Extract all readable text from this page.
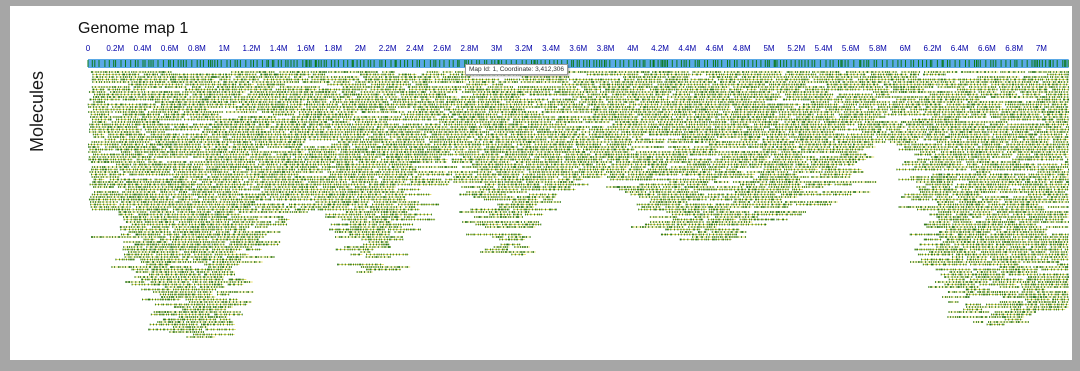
Molecules
Genome map 1
0 0.2M 0.4M 0.6M 0.8M 1M 1.2M 1.4M 1.6M 1.8M 2M 2.2M 2.4M 2.6M 2.8M 3M 3.2M 3.4M 3.6M 3.8M 4M 4.2M 4.4M 4.6M 4.8M 5M 5.2M 5.4M 5.6M 5.8M 6M 6.2M 6.4M 6.6M 6.8M 7M
Map Id: 1, Coordinate: 3,412,306
